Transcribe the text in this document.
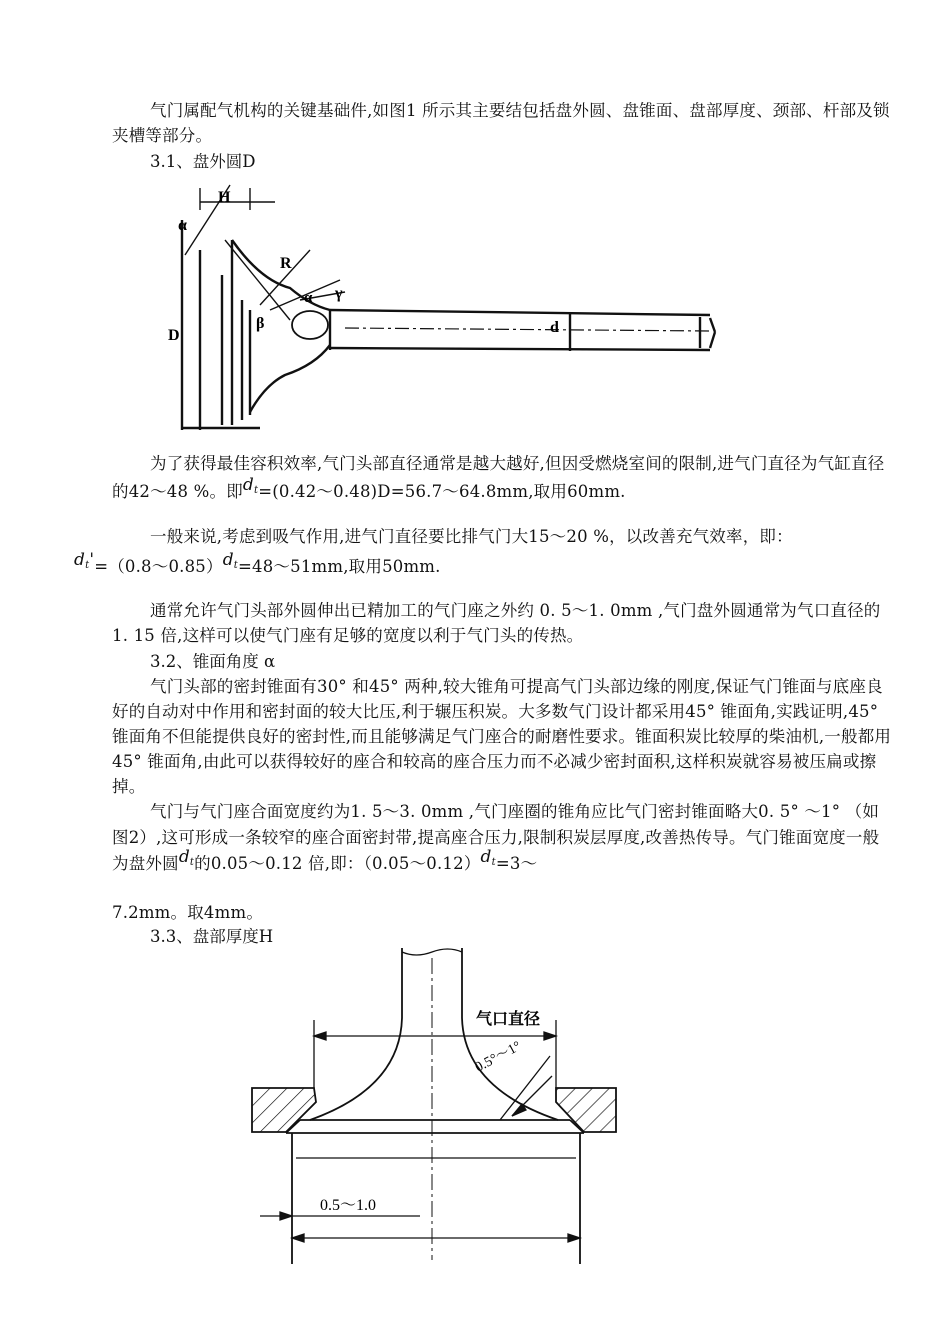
气门属配气机构的关键基础件,如图1 所示其主要结包括盘外圆、盘锥面、盘部厚度、颈部、杆部及锁夹槽等部分。

3.1、盘外圆D

H
α
R
γ
α
β
D	d

为了获得最佳容积效率,气门头部直径通常是越大越好,但因受燃烧室间的限制,进气门直径为气缸直径的42～48 %。即$d_t=(0.42\sim 0.48)D=56.7\sim 64.8mm$,取用60mm.

一般来说,考虑到吸气作用,进气门直径要比排气门大15～20 %，以改善充气效率，即：
$d_t'=(0.8\sim 0.85)d_t=48\sim 51mm$,取用50mm.

通常允许气门头部外圆伸出已精加工的气门座之外约 0. 5～1. 0mm ,气门盘外圆通常为气口直径的1. 15 倍,这样可以使气门座有足够的宽度以利于气门头的传热。

3.2、锥面角度 α

气门头部的密封锥面有30° 和45° 两种,较大锥角可提高气门头部边缘的刚度,保证气门锥面与底座良好的自动对中作用和密封面的较大比压,利于辗压积炭。大多数气门设计都采用45° 锥面角,实践证明,45° 锥面角不但能提供良好的密封性,而且能够满足气门座合的耐磨性要求。锥面积炭比较厚的柴油机,一般都用45° 锥面角,由此可以获得较好的座合和较高的座合压力而不必减少密封面积,这样积炭就容易被压扁或擦掉。

气门与气门座合面宽度约为1. 5～3. 0mm ,气门座圈的锥角应比气门密封锥面略大0. 5° ～1° （如图2）,这可形成一条较窄的座合面密封带,提高座合压力,限制积炭层厚度,改善热传导。气门锥面宽度一般为盘外圆$d_t$的0.05～0.12 倍,即：$(0.05\sim 0.12)d_t=3\sim$

7.2mm。取4mm。

3.3、盘部厚度H

气口直径
0.5°～1°
0.5～1.0
